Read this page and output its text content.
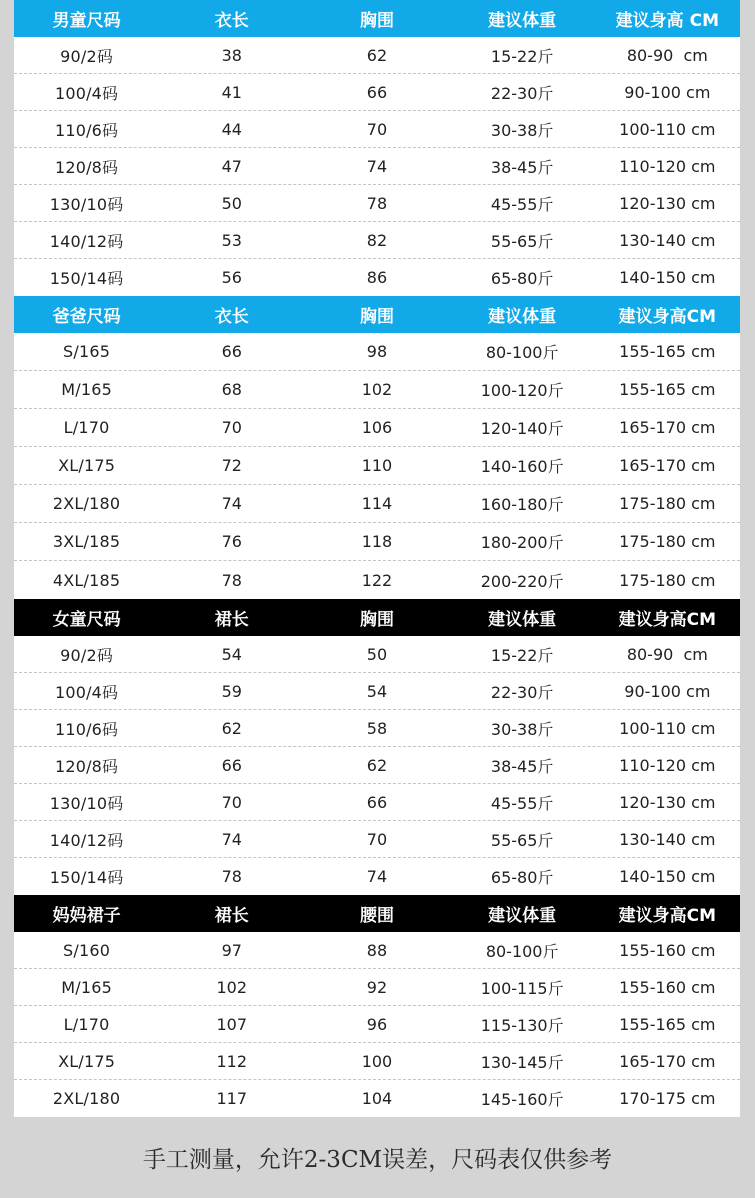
男童尺码	衣长	胸围	建议体重	建议身高 CM
90/2码	38	62	15-22斤	80-90  cm
100/4码	41	66	22-30斤	90-100 cm
110/6码	44	70	30-38斤	100-110 cm
120/8码	47	74	38-45斤	110-120 cm
130/10码	50	78	45-55斤	120-130 cm
140/12码	53	82	55-65斤	130-140 cm
150/14码	56	86	65-80斤	140-150 cm
爸爸尺码	衣长	胸围	建议体重	建议身高CM
S/165	66	98	80-100斤	155-165 cm
M/165	68	102	100-120斤	155-165 cm
L/170	70	106	120-140斤	165-170 cm
XL/175	72	110	140-160斤	165-170 cm
2XL/180	74	114	160-180斤	175-180 cm
3XL/185	76	118	180-200斤	175-180 cm
4XL/185	78	122	200-220斤	175-180 cm
女童尺码	裙长	胸围	建议体重	建议身高CM
90/2码	54	50	15-22斤	80-90  cm
100/4码	59	54	22-30斤	90-100 cm
110/6码	62	58	30-38斤	100-110 cm
120/8码	66	62	38-45斤	110-120 cm
130/10码	70	66	45-55斤	120-130 cm
140/12码	74	70	55-65斤	130-140 cm
150/14码	78	74	65-80斤	140-150 cm
妈妈裙子	裙长	腰围	建议体重	建议身高CM
S/160	97	88	80-100斤	155-160 cm
M/165	102	92	100-115斤	155-160 cm
L/170	107	96	115-130斤	155-165 cm
XL/175	112	100	130-145斤	165-170 cm
2XL/180	117	104	145-160斤	170-175 cm
手工测量，允许2-3CM误差，尺码表仅供参考
